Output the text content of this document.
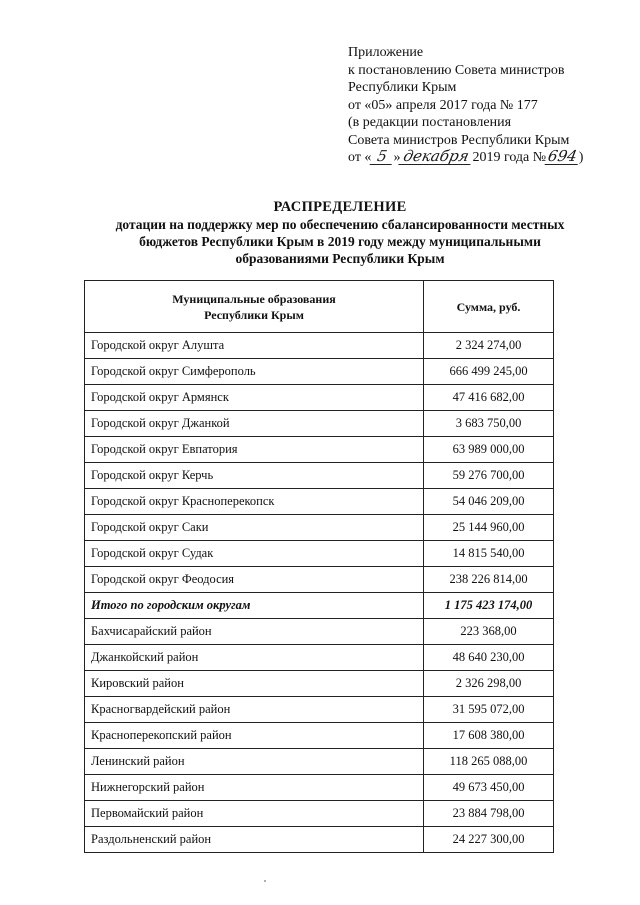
Приложение
к постановлению Совета министров
Республики Крым
от «05» апреля 2017 года № 177
(в редакции постановления
Совета министров Республики Крым
от « 5 » декабря2019 года №694)
РАСПРЕДЕЛЕНИЕ
дотации на поддержку мер по обеспечению сбалансированности местных
бюджетов Республики Крым в 2019 году между муниципальными
образованиями Республики Крым
Муниципальные образования
Республики Крым	Сумма, руб.
Городской округ Алушта	2 324 274,00
Городской округ Симферополь	666 499 245,00
Городской округ Армянск	47 416 682,00
Городской округ Джанкой	3 683 750,00
Городской округ Евпатория	63 989 000,00
Городской округ Керчь	59 276 700,00
Городской округ Красноперекопск	54 046 209,00
Городской округ Саки	25 144 960,00
Городской округ Судак	14 815 540,00
Городской округ Феодосия	238 226 814,00
Итого по городским округам	1 175 423 174,00
Бахчисарайский район	223 368,00
Джанкойский район	48 640 230,00
Кировский район	2 326 298,00
Красногвардейский район	31 595 072,00
Красноперекопский район	17 608 380,00
Ленинский район	118 265 088,00
Нижнегорский район	49 673 450,00
Первомайский район	23 884 798,00
Раздольненский район	24 227 300,00
